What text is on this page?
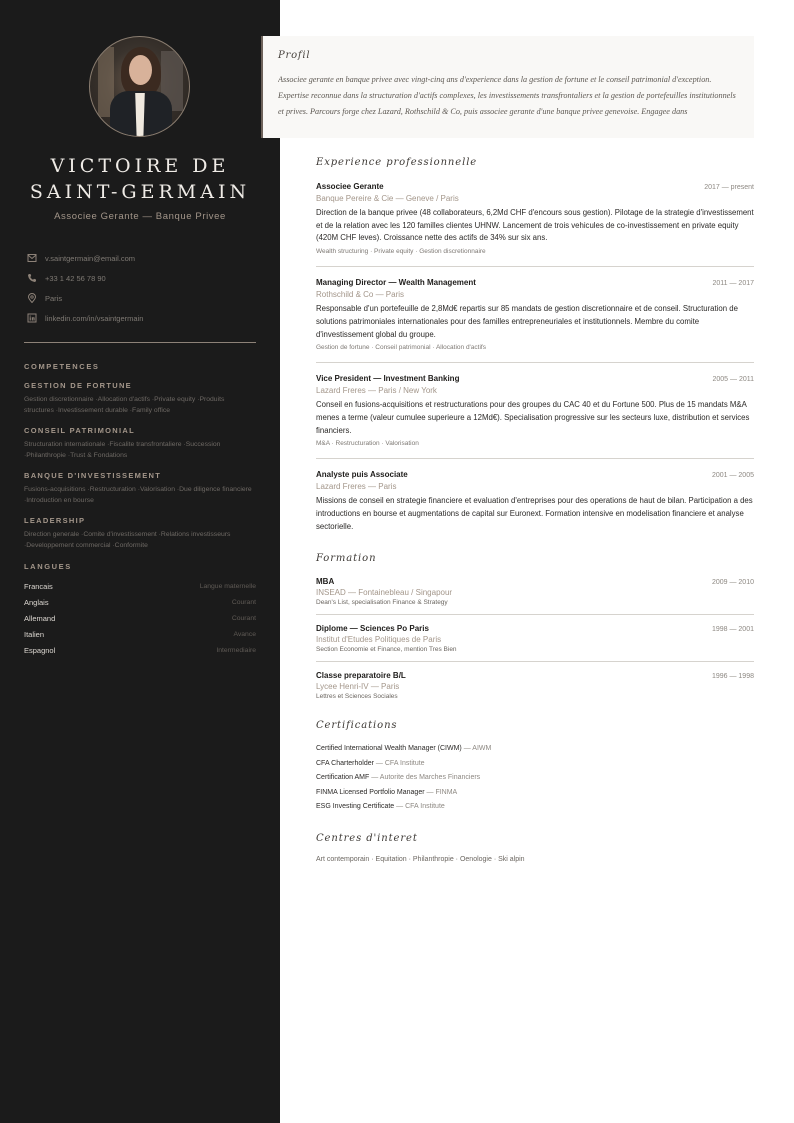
VICTOIRE DE
SAINT-GERMAIN
Associee Gerante — Banque Privee
v.saintgermain@email.com
+33 1 42 56 78 90
Paris
linkedin.com/in/vsaintgermain
COMPETENCES
GESTION DE FORTUNE
Gestion discretionnaire ·Allocation d'actifs ·Private equity ·Produits structures ·Investissement durable ·Family office
CONSEIL PATRIMONIAL
Structuration internationale ·Fiscalite transfrontaliere ·Succession ·Philanthropie ·Trust & Fondations
BANQUE D'INVESTISSEMENT
Fusions-acquisitions ·Restructuration ·Valorisation ·Due diligence financiere ·Introduction en bourse
LEADERSHIP
Direction generale ·Comite d'investissement ·Relations investisseurs ·Developpement commercial ·Conformite
LANGUES
Francais	Langue maternelle
Anglais	Courant
Allemand	Courant
Italien	Avance
Espagnol	Intermediaire
Profil

Associee gerante en banque privee avec vingt-cinq ans d'experience dans la gestion de fortune et le conseil patrimonial d'exception. Expertise reconnue dans la structuration d'actifs complexes, les investissements transfrontaliers et la gestion de portefeuilles institutionnels et prives. Parcours forge chez Lazard, Rothschild & Co, puis associee gerante d'une banque privee genevoise. Engagee dans

Experience professionnelle
Associee Gerante	2017 — present
Banque Pereire & Cie — Geneve / Paris
Direction de la banque privee (48 collaborateurs, 6,2Md CHF d'encours sous gestion). Pilotage de la strategie d'investissement et de la relation avec les 120 familles clientes UHNW. Lancement de trois vehicules de co-investissement en private equity (420M CHF leves). Croissance nette des actifs de 34% sur six ans.
Wealth structuring · Private equity · Gestion discretionnaire
Managing Director — Wealth Management	2011 — 2017
Rothschild & Co — Paris
Responsable d'un portefeuille de 2,8Md€ repartis sur 85 mandats de gestion discretionnaire et de conseil. Structuration de solutions patrimoniales internationales pour des familles entrepreneuriales et institutionnels. Membre du comite d'investissement global du groupe.
Gestion de fortune · Conseil patrimonial · Allocation d'actifs
Vice President — Investment Banking	2005 — 2011
Lazard Freres — Paris / New York
Conseil en fusions-acquisitions et restructurations pour des groupes du CAC 40 et du Fortune 500. Plus de 15 mandats M&A menes a terme (valeur cumulee superieure a 12Md€). Specialisation progressive sur les secteurs luxe, distribution et services financiers.
M&A · Restructuration · Valorisation
Analyste puis Associate	2001 — 2005
Lazard Freres — Paris
Missions de conseil en strategie financiere et evaluation d'entreprises pour des operations de haut de bilan. Participation a des introductions en bourse et augmentations de capital sur Euronext. Formation intensive en modelisation financiere et analyse sectorielle.
Formation
MBA	2009 — 2010
INSEAD — Fontainebleau / Singapour
Dean's List, specialisation Finance & Strategy
Diplome — Sciences Po Paris	1998 — 2001
Institut d'Etudes Politiques de Paris
Section Economie et Finance, mention Tres Bien
Classe preparatoire B/L	1996 — 1998
Lycee Henri-IV — Paris
Lettres et Sciences Sociales
Certifications
Certified International Wealth Manager (CIWM) — AIWM
CFA Charterholder — CFA Institute
Certification AMF — Autorite des Marches Financiers
FINMA Licensed Portfolio Manager — FINMA
ESG Investing Certificate — CFA Institute
Centres d'interet
Art contemporain · Equitation · Philanthropie · Oenologie · Ski alpin
